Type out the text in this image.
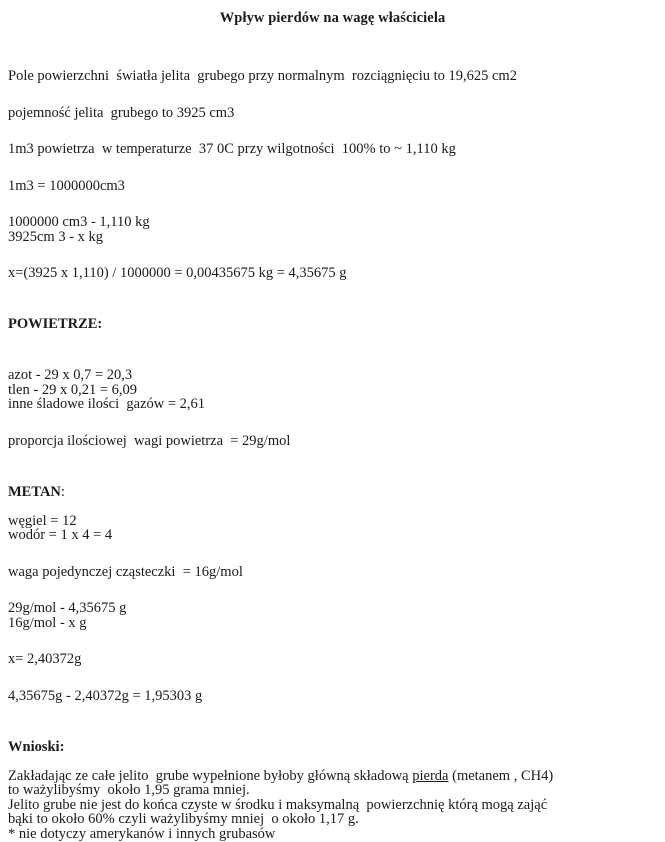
Wpływ pierdów na wagę właściciela

Pole powierzchni  światła jelita  grubego przy normalnym  rozciągnięciu to 19,625 cm2

pojemność jelita  grubego to 3925 cm3

1m3 powietrza  w temperaturze  37 0C przy wilgotności  100% to ~ 1,110 kg

1m3 = 1000000cm3

1000000 cm3 - 1,110 kg

3925cm 3 - x kg

x=(3925 x 1,110) / 1000000 = 0,00435675 kg = 4,35675 g

POWIETRZE:

azot - 29 x 0,7 = 20,3

tlen - 29 x 0,21 = 6,09

inne śladowe ilości  gazów = 2,61

proporcja ilościowej  wagi powietrza  = 29g/mol

METAN:

węgiel = 12

wodór = 1 x 4 = 4

waga pojedynczej cząsteczki  = 16g/mol

29g/mol - 4,35675 g

16g/mol - x g

x= 2,40372g

4,35675g - 2,40372g = 1,95303 g

Wnioski:

Zakładając ze całe jelito  grube wypełnione byłoby główną składową pierda (metanem , CH4)

to ważylibyśmy  około 1,95 grama mniej.

Jelito grube nie jest do końca czyste w środku i maksymalną  powierzchnię którą mogą zająć

bąki to około 60% czyli ważylibyśmy mniej  o około 1,17 g.

* nie dotyczy amerykanów i innych grubasów
